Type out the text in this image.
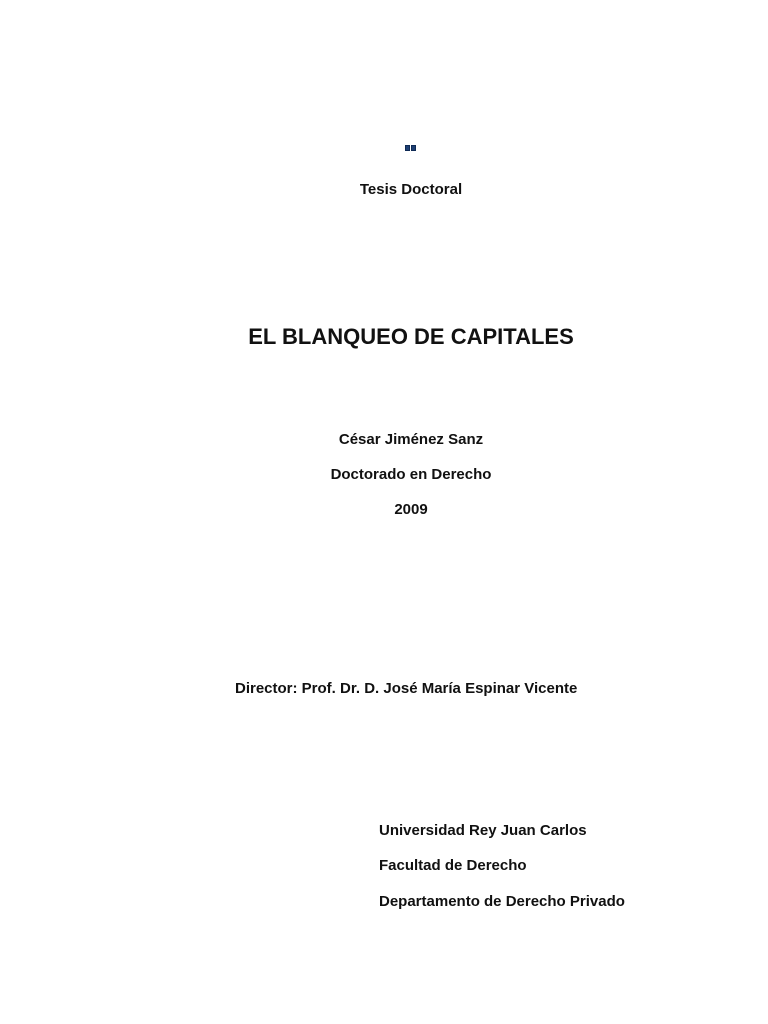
Tesis Doctoral
EL BLANQUEO DE CAPITALES
César Jiménez Sanz
Doctorado en Derecho
2009
Director: Prof. Dr. D. José María Espinar Vicente
Universidad Rey Juan Carlos
Facultad de Derecho
Departamento de Derecho Privado
